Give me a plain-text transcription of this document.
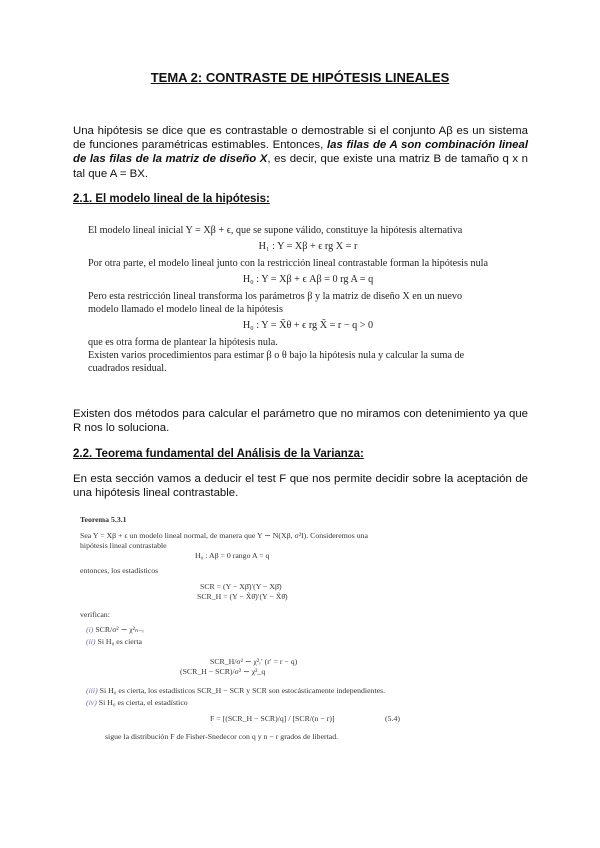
TEMA 2: CONTRASTE DE HIPÓTESIS LINEALES
Una hipótesis se dice que es contrastable o demostrable si el conjunto Aβ es un sistema de funciones paramétricas estimables. Entonces, las filas de A son combinación lineal de las filas de la matriz de diseño X, es decir, que existe una matriz B de tamaño q x n tal que A = BX.
2.1. El modelo lineal de la hipótesis:
El modelo lineal inicial Y = Xβ + ϵ, que se supone válido, constituye la hipótesis alternativa
H₁ : Y = Xβ + ϵ rg X = r
Por otra parte, el modelo lineal junto con la restricción lineal contrastable forman la hipótesis nula
H₀ : Y = Xβ + ϵ Aβ = 0 rg A = q
Pero esta restricción lineal transforma los parámetros β y la matriz de diseño X en un nuevo
modelo llamado el modelo lineal de la hipótesis
H₀ : Y = X̃θ + ϵ rg X̃ = r − q > 0
que es otra forma de plantear la hipótesis nula.
Existen varios procedimientos para estimar β o θ bajo la hipótesis nula y calcular la suma de
cuadrados residual.
Existen dos métodos para calcular el parámetro que no miramos con detenimiento ya que R nos lo soluciona.
2.2. Teorema fundamental del Análisis de la Varianza:
En esta sección vamos a deducir el test F que nos permite decidir sobre la aceptación de una hipótesis lineal contrastable.
Teorema 5.3.1
Sea Y = Xβ + ϵ un modelo lineal normal, de manera que Y ∼ N(Xβ, σ²I). Consideremos una
hipótesis lineal contrastable
H₀ : Aβ = 0 rango A = q
entonces, los estadísticos
SCR = (Y − Xβ̂)′(Y − Xβ̂)
SCR_H = (Y − X̃θ̂)′(Y − X̃θ̂)
verifican:
(i) SCR/σ² ∼ χ²ₙ₋ᵣ
(ii) Si H₀ es cierta
SCR_H/σ² ∼ χ²ᵣ′ (r′ = r − q)
(SCR_H − SCR)/σ² ∼ χ²_q
(iii) Si H₀ es cierta, los estadísticos SCR_H − SCR y SCR son estocásticamente independientes.
(iv) Si H₀ es cierta, el estadístico
F = [(SCR_H − SCR)/q] / [SCR/(n − r)]	(5.4)
sigue la distribución F de Fisher-Snedecor con q y n − r grados de libertad.
